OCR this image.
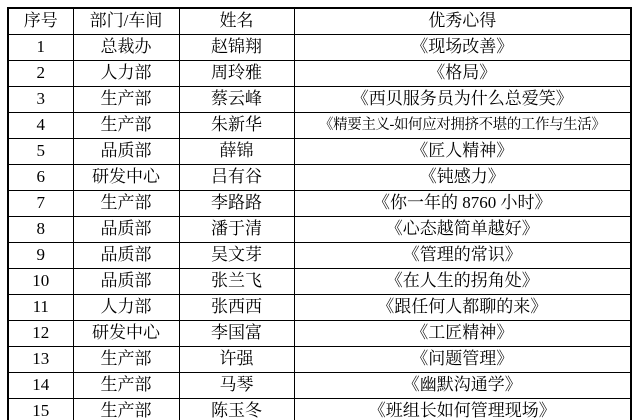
序号	部门/车间	姓名	优秀心得
1	总裁办	赵锦翔	《现场改善》
2	人力部	周玲雅	《格局》
3	生产部	蔡云峰	《西贝服务员为什么总爱笑》
4	生产部	朱新华	《精要主义-如何应对拥挤不堪的工作与生活》
5	品质部	薛锦	《匠人精神》
6	研发中心	吕有谷	《钝感力》
7	生产部	李路路	《你一年的 8760 小时》
8	品质部	潘于清	《心态越简单越好》
9	品质部	吴文芽	《管理的常识》
10	品质部	张兰飞	《在人生的拐角处》
11	人力部	张西西	《跟任何人都聊的来》
12	研发中心	李国富	《工匠精神》
13	生产部	许强	《问题管理》
14	生产部	马琴	《幽默沟通学》
15	生产部	陈玉冬	《班组长如何管理现场》
